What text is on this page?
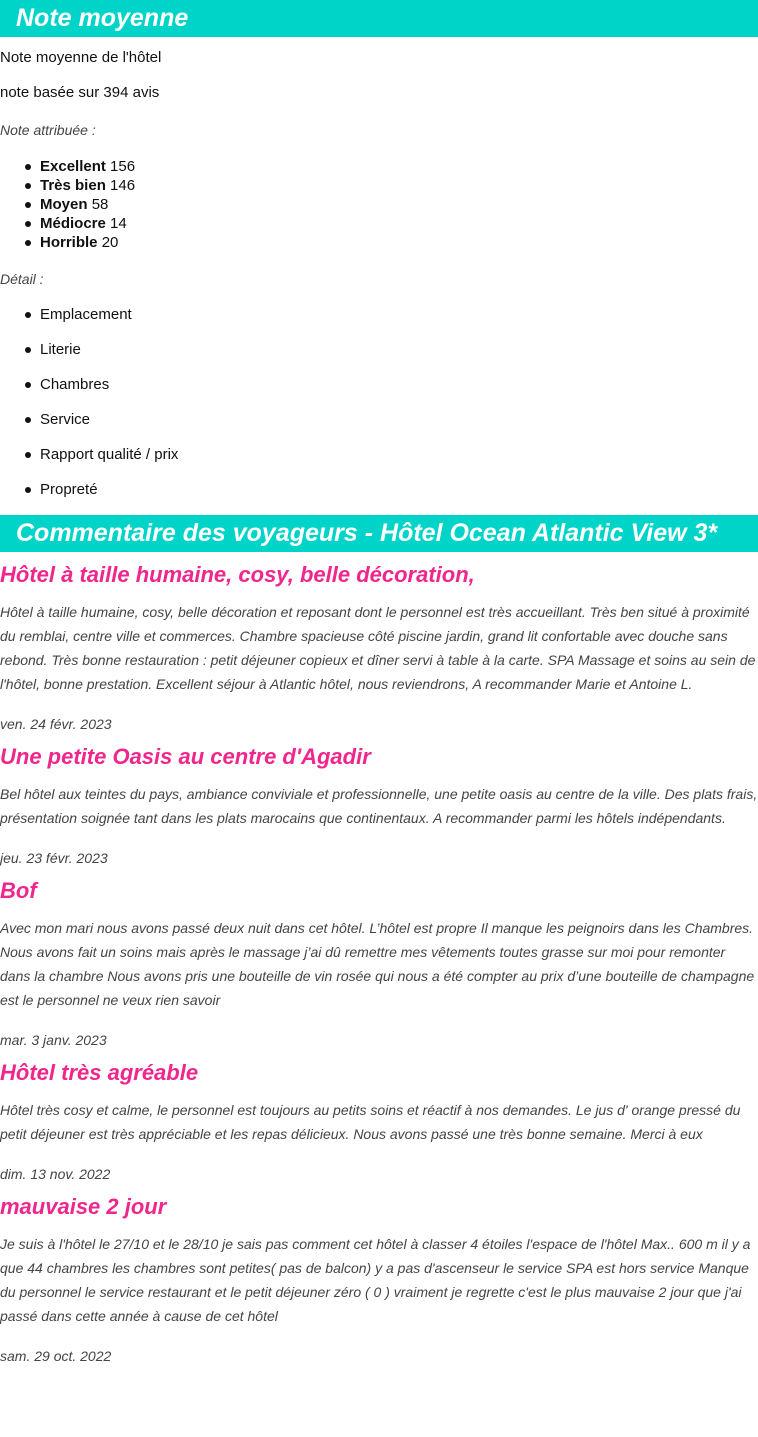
Note moyenne

Note moyenne de l'hôtel

note basée sur 394 avis

Note attribuée :

Excellent 156
Très bien 146
Moyen 58
Médiocre 14
Horrible 20

Détail :

Emplacement
Literie
Chambres
Service
Rapport qualité / prix
Propreté
Commentaire des voyageurs - Hôtel Ocean Atlantic View 3*
Hôtel à taille humaine, cosy, belle décoration,

Hôtel à taille humaine, cosy, belle décoration et reposant dont le personnel est très accueillant. Très ben situé à proximité du remblai, centre ville et commerces. Chambre spacieuse côté piscine jardin, grand lit confortable avec douche sans rebond. Très bonne restauration : petit déjeuner copieux et dîner servi à table à la carte. SPA Massage et soins au sein de l'hôtel, bonne prestation. Excellent séjour à Atlantic hôtel, nous reviendrons, A recommander Marie et Antoine L.

ven. 24 févr. 2023

Une petite Oasis au centre d'Agadir

Bel hôtel aux teintes du pays, ambiance conviviale et professionnelle, une petite oasis au centre de la ville. Des plats frais, présentation soignée tant dans les plats marocains que continentaux. A recommander parmi les hôtels indépendants.

jeu. 23 févr. 2023

Bof

Avec mon mari nous avons passé deux nuit dans cet hôtel. L’hôtel est propre Il manque les peignoirs dans les Chambres. Nous avons fait un soins mais après le massage j’ai dû remettre mes vêtements toutes grasse sur moi pour remonter dans la chambre Nous avons pris une bouteille de vin rosée qui nous a été compter au prix d’une bouteille de champagne est le personnel ne veux rien savoir

mar. 3 janv. 2023

Hôtel très agréable

Hôtel très cosy et calme, le personnel est toujours au petits soins et réactif à nos demandes. Le jus d' orange pressé du petit déjeuner est très appréciable et les repas délicieux. Nous avons passé une très bonne semaine. Merci à eux

dim. 13 nov. 2022

mauvaise 2 jour

Je suis à l'hôtel le 27/10 et le 28/10 je sais pas comment cet hôtel à classer 4 étoiles l'espace de l'hôtel Max.. 600 m il y a que 44 chambres les chambres sont petites( pas de balcon) y a pas d'ascenseur le service SPA est hors service Manque du personnel le service restaurant et le petit déjeuner zéro ( 0 ) vraiment je regrette c'est le plus mauvaise 2 jour que j'ai passé dans cette année à cause de cet hôtel

sam. 29 oct. 2022
